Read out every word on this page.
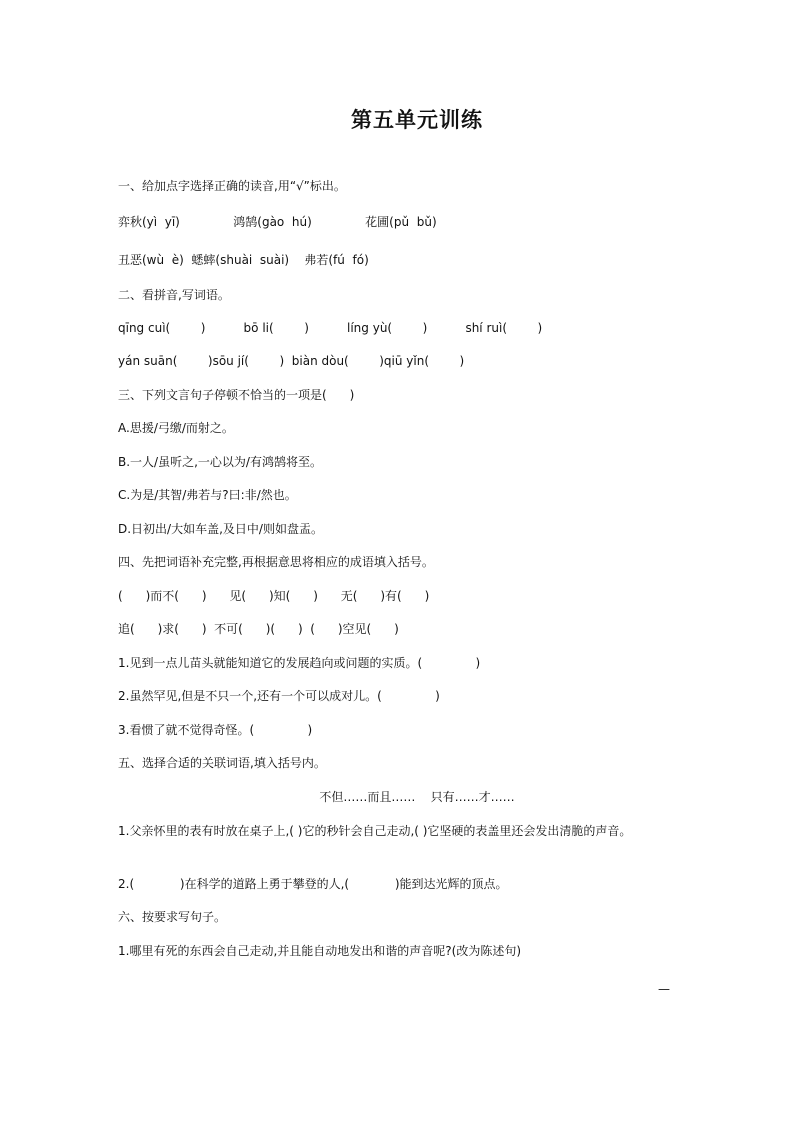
第五单元训练
一、给加点字选择正确的读音,用“√”标出。
弈秋(yì  yī)              鸿鹄(gào  hú)              花圃(pǔ  bǔ)
丑恶(wù  è)  蟋蟀(shuài  suài)    弗若(fú  fó)
二、看拼音,写词语。
qīng cuì(        )          bō li(        )          líng yù(        )          shí ruì(        )
yán suān(        )sōu jí(        )  biàn dòu(        )qiū yǐn(        )
三、下列文言句子停顿不恰当的一项是(      )
A.思援/弓缴/而射之。
B.一人/虽听之,一心以为/有鸿鹄将至。
C.为是/其智/弗若与?曰:非/然也。
D.日初出/大如车盖,及日中/则如盘盂。
四、先把词语补充完整,再根据意思将相应的成语填入括号。
(      )而不(      )      见(      )知(      )      无(      )有(      )
追(      )求(      )  不可(      )(      )  (      )空见(      )
1.见到一点儿苗头就能知道它的发展趋向或问题的实质。(              )
2.虽然罕见,但是不只一个,还有一个可以成对儿。(              )
3.看惯了就不觉得奇怪。(              )
五、选择合适的关联词语,填入括号内。
不但……而且……    只有……才……
1.父亲怀里的表有时放在桌子上,( )它的秒针会自己走动,( )它坚硬的表盖里还会发出清脆的声音。
2.(            )在科学的道路上勇于攀登的人,(            )能到达光辉的顶点。
六、按要求写句子。
1.哪里有死的东西会自己走动,并且能自动地发出和谐的声音呢?(改为陈述句)
—
